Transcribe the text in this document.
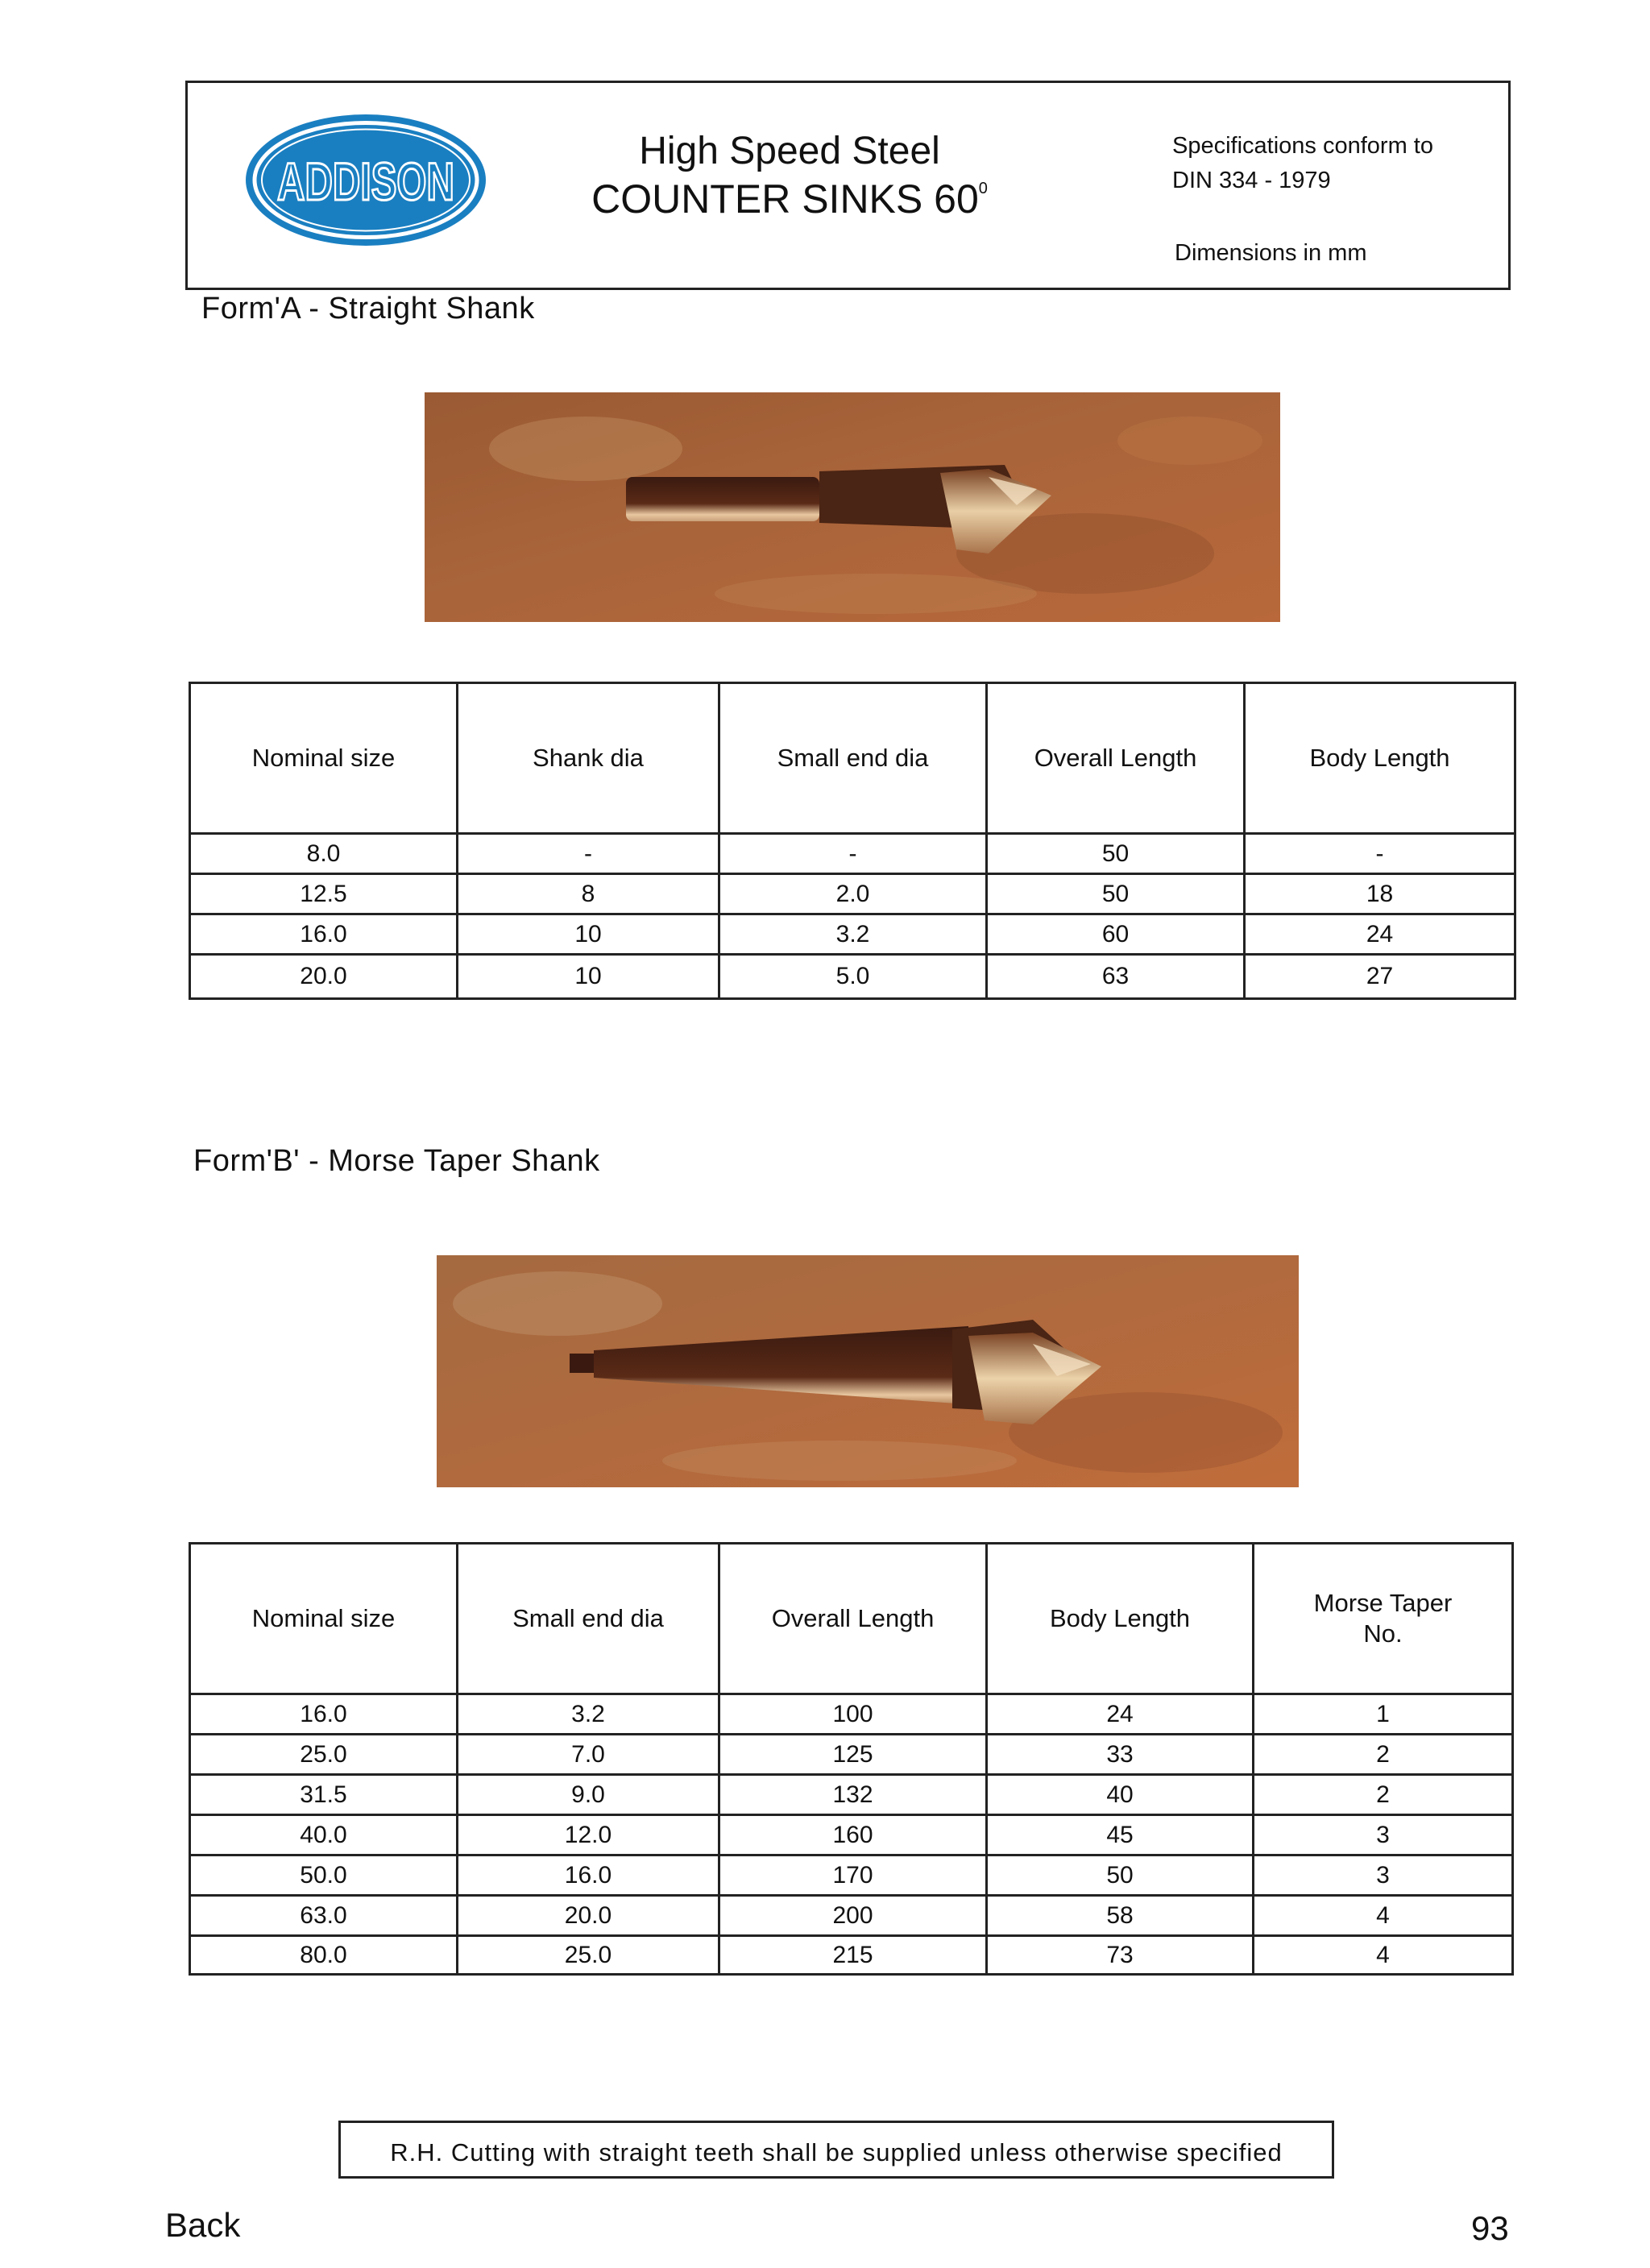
ADDISON
High Speed Steel
COUNTER SINKS $60^0$
Specifications conform to
DIN 334 - 1979
Dimensions in mm
Form'A - Straight Shank
Nominal size	Shank dia	Small end dia	Overall Length	Body Length
8.0	-	-	50	-
12.5	8	2.0	50	18
16.0	10	3.2	60	24
20.0	10	5.0	63	27
Form'B' - Morse Taper Shank
Nominal size	Small end dia	Overall Length	Body Length	Morse Taper No.
16.0	3.2	100	24	1
25.0	7.0	125	33	2
31.5	9.0	132	40	2
40.0	12.0	160	45	3
50.0	16.0	170	50	3
63.0	20.0	200	58	4
80.0	25.0	215	73	4
R.H. Cutting with straight teeth shall be supplied unless otherwise specified
Back	93
